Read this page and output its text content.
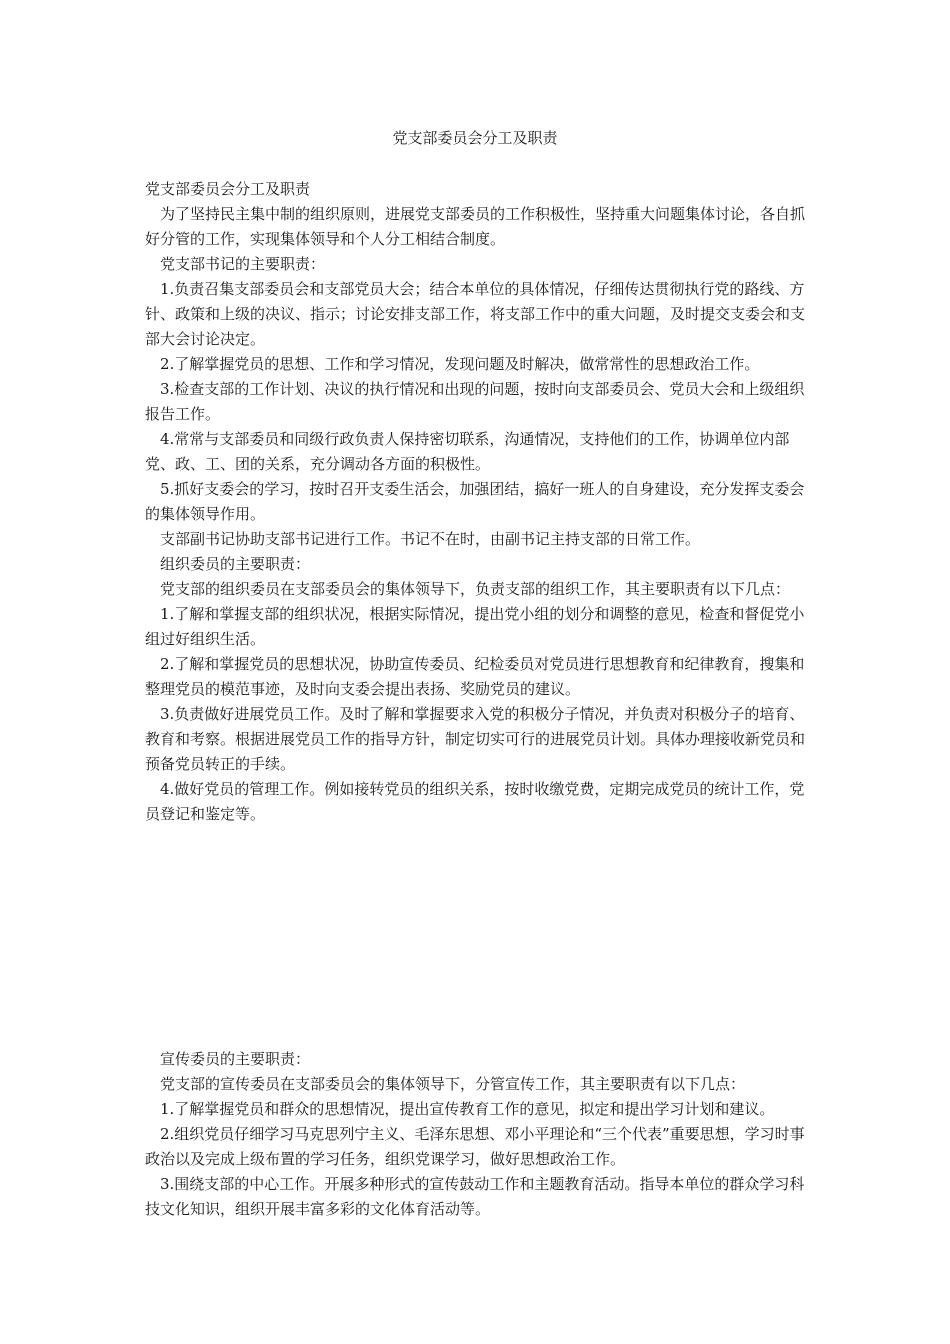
党支部委员会分工及职责

党支部委员会分工及职责

为了坚持民主集中制的组织原则，进展党支部委员的工作积极性，坚持重大问题集体讨论，各自抓好分管的工作，实现集体领导和个人分工相结合制度。

党支部书记的主要职责：

1.负责召集支部委员会和支部党员大会；结合本单位的具体情况，仔细传达贯彻执行党的路线、方针、政策和上级的决议、指示；讨论安排支部工作，将支部工作中的重大问题，及时提交支委会和支部大会讨论决定。

2.了解掌握党员的思想、工作和学习情况，发现问题及时解决，做常常性的思想政治工作。

3.检查支部的工作计划、决议的执行情况和出现的问题，按时向支部委员会、党员大会和上级组织报告工作。

4.常常与支部委员和同级行政负责人保持密切联系，沟通情况，支持他们的工作，协调单位内部党、政、工、团的关系，充分调动各方面的积极性。

5.抓好支委会的学习，按时召开支委生活会，加强团结，搞好一班人的自身建设，充分发挥支委会的集体领导作用。

支部副书记协助支部书记进行工作。书记不在时，由副书记主持支部的日常工作。

组织委员的主要职责：

党支部的组织委员在支部委员会的集体领导下，负责支部的组织工作，其主要职责有以下几点：

1.了解和掌握支部的组织状况，根据实际情况，提出党小组的划分和调整的意见，检查和督促党小组过好组织生活。

2.了解和掌握党员的思想状况，协助宣传委员、纪检委员对党员进行思想教育和纪律教育，搜集和整理党员的模范事迹，及时向支委会提出表扬、奖励党员的建议。

3.负责做好进展党员工作。及时了解和掌握要求入党的积极分子情况，并负责对积极分子的培育、教育和考察。根据进展党员工作的指导方针，制定切实可行的进展党员计划。具体办理接收新党员和预备党员转正的手续。

4.做好党员的管理工作。例如接转党员的组织关系，按时收缴党费，定期完成党员的统计工作，党员登记和鉴定等。

宣传委员的主要职责：

党支部的宣传委员在支部委员会的集体领导下，分管宣传工作，其主要职责有以下几点：

1.了解掌握党员和群众的思想情况，提出宣传教育工作的意见，拟定和提出学习计划和建议。

2.组织党员仔细学习马克思列宁主义、毛泽东思想、邓小平理论和“三个代表”重要思想，学习时事政治以及完成上级布置的学习任务，组织党课学习，做好思想政治工作。

3.围绕支部的中心工作。开展多种形式的宣传鼓动工作和主题教育活动。指导本单位的群众学习科技文化知识，组织开展丰富多彩的文化体育活动等。
